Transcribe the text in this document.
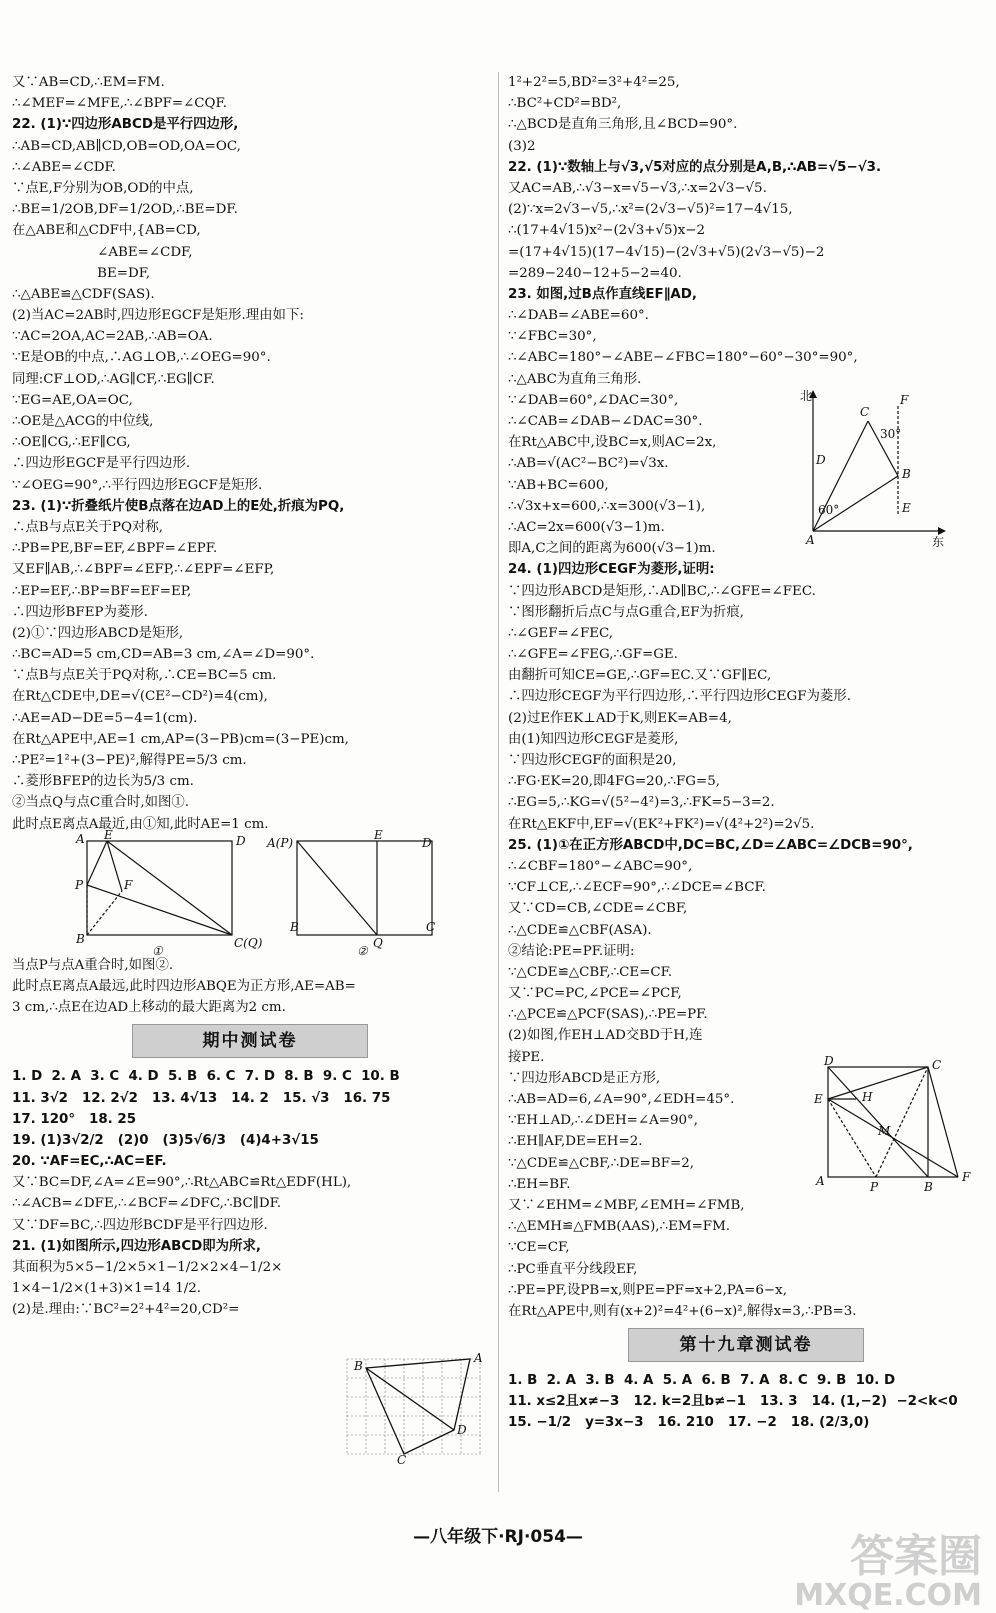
又∵AB=CD,∴EM=FM.
∴∠MEF=∠MFE,∴∠BPF=∠CQF.
22. (1)∵四边形ABCD是平行四边形,
∴AB=CD,AB∥CD,OB=OD,OA=OC,
∴∠ABE=∠CDF.
∵点E,F分别为OB,OD的中点,
∴BE=1/2OB,DF=1/2OD,∴BE=DF.
在△ABE和△CDF中,{AB=CD,
∠ABE=∠CDF,
BE=DF,
∴△ABE≌△CDF(SAS).
(2)当AC=2AB时,四边形EGCF是矩形.理由如下:
∵AC=2OA,AC=2AB,∴AB=OA.
∵E是OB的中点,∴AG⊥OB,∴∠OEG=90°.
同理:CF⊥OD,∴AG∥CF,∴EG∥CF.
∵EG=AE,OA=OC,
∴OE是△ACG的中位线,
∴OE∥CG,∴EF∥CG,
∴四边形EGCF是平行四边形.
∵∠OEG=90°,∴平行四边形EGCF是矩形.
23. (1)∵折叠纸片使B点落在边AD上的E处,折痕为PQ,
∴点B与点E关于PQ对称,
∴PB=PE,BF=EF,∠BPF=∠EPF.
又EF∥AB,∴∠BPF=∠EFP,∴∠EPF=∠EFP,
∴EP=EF,∴BP=BF=EF=EP,
∴四边形BFEP为菱形.
(2)①∵四边形ABCD是矩形,
∴BC=AD=5 cm,CD=AB=3 cm,∠A=∠D=90°.
∵点B与点E关于PQ对称,∴CE=BC=5 cm.
在Rt△CDE中,DE=√(CE²−CD²)=4(cm),
∴AE=AD−DE=5−4=1(cm).
在Rt△APE中,AE=1 cm,AP=(3−PB)cm=(3−PE)cm,
∴PE²=1²+(3−PE)²,解得PE=5/3 cm.
∴菱形BFEP的边长为5/3 cm.
②当点Q与点C重合时,如图①.
此时点E离点A最近,由①知,此时AE=1 cm.
A E	D
P	F
B	C(Q)
①
A(P)
E
D
B
Q
C
②
当点P与点A重合时,如图②.
此时点E离点A最远,此时四边形ABQE为正方形,AE=AB=
3 cm,∴点E在边AD上移动的最大距离为2 cm.
期中测试卷
1. D  2. A  3. C  4. D  5. B  6. C  7. D  8. B  9. C  10. B
11. 3√2   12. 2√2   13. 4√13   14. 2   15. √3   16. 75
17. 120°   18. 25
19. (1)3√2/2   (2)0   (3)5√6/3   (4)4+3√15
20. ∵AF=EC,∴AC=EF.
又∵BC=DF,∠A=∠E=90°,∴Rt△ABC≌Rt△EDF(HL),
∴∠ACB=∠DFE,∴∠BCF=∠DFC,∴BC∥DF.
又∵DF=BC,∴四边形BCDF是平行四边形.
21. (1)如图所示,四边形ABCD即为所求,
其面积为5×5−1/2×5×1−1/2×2×4−1/2×
1×4−1/2×(1+3)×1=14 1/2.
(2)是.理由:∵BC²=2²+4²=20,CD²=
A
B
C
D
1²+2²=5,BD²=3²+4²=25,
∴BC²+CD²=BD²,
∴△BCD是直角三角形,且∠BCD=90°.
(3)2
22. (1)∵数轴上与√3,√5对应的点分别是A,B,∴AB=√5−√3.
又AC=AB,∴√3−x=√5−√3,∴x=2√3−√5.
(2)∵x=2√3−√5,∴x²=(2√3−√5)²=17−4√15,
∴(17+4√15)x²−(2√3+√5)x−2
=(17+4√15)(17−4√15)−(2√3+√5)(2√3−√5)−2
=289−240−12+5−2=40.
23. 如图,过B点作直线EF∥AD,
∴∠DAB=∠ABE=60°.
∵∠FBC=30°,
∴∠ABC=180°−∠ABE−∠FBC=180°−60°−30°=90°,
∴△ABC为直角三角形.
∵∠DAB=60°,∠DAC=30°,
∴∠CAB=∠DAB−∠DAC=30°.
在Rt△ABC中,设BC=x,则AC=2x,
∴AB=√(AC²−BC²)=√3x.
∵AB+BC=600,
∴√3x+x=600,∴x=300(√3−1),
∴AC=2x=600(√3−1)m.
即A,C之间的距离为600(√3−1)m.
24. (1)四边形CEGF为菱形,证明:
∵四边形ABCD是矩形,∴AD∥BC,∴∠GFE=∠FEC.
∵图形翻折后点C与点G重合,EF为折痕,
∴∠GEF=∠FEC,
∴∠GFE=∠FEG,∴GF=GE.
由翻折可知CE=GE,∴GF=EC.又∵GF∥EC,
∴四边形CEGF为平行四边形,∴平行四边形CEGF为菱形.
(2)过E作EK⊥AD于K,则EK=AB=4,
由(1)知四边形CEGF是菱形,
∵四边形CEGF的面积是20,
∴FG·EK=20,即4FG=20,∴FG=5,
∴EG=5,∴KG=√(5²−4²)=3,∴FK=5−3=2.
在Rt△EKF中,EF=√(EK²+FK²)=√(4²+2²)=2√5.
25. (1)①在正方形ABCD中,DC=BC,∠D=∠ABC=∠DCB=90°,
∴∠CBF=180°−∠ABC=90°,
∵CF⊥CE,∴∠ECF=90°,∴∠DCE=∠BCF.
又∵CD=CB,∠CDE=∠CBF,
∴△CDE≌△CBF(ASA).
②结论:PE=PF.证明:
∵△CDE≌△CBF,∴CE=CF.
又∵PC=PC,∠PCE=∠PCF,
∴△PCE≌△PCF(SAS),∴PE=PF.
(2)如图,作EH⊥AD交BD于H,连
接PE.
∵四边形ABCD是正方形,
∴AB=AD=6,∠A=90°,∠EDH=45°.
∵EH⊥AD,∴∠DEH=∠A=90°,
∴EH∥AF,DE=EH=2.
∵△CDE≌△CBF,∴DE=BF=2,
∴EH=BF.
又∵∠EHM=∠MBF,∠EMH=∠FMB,
∴△EMH≌△FMB(AAS),∴EM=FM.
∵CE=CF,
∴PC垂直平分线段EF,
∴PE=PF,设PB=x,则PE=PF=x+2,PA=6−x,
在Rt△APE中,则有(x+2)²=4²+(6−x)²,解得x=3,∴PB=3.
第十九章测试卷
1. B  2. A  3. B  4. A  5. A  6. B  7. A  8. C  9. B  10. D
11. x≤2且x≠−3   12. k=2且b≠−1   13. 3   14. (1,−2)  −2<k<0
15. −1/2   y=3x−3   16. 210   17. −2   18. (2/3,0)
北
东
C
F
D
30°
B
E
60°
A
D	C
E	H
M
A	P	B
F
—八年级下·RJ·054—	答案圈
MXQE.COM
